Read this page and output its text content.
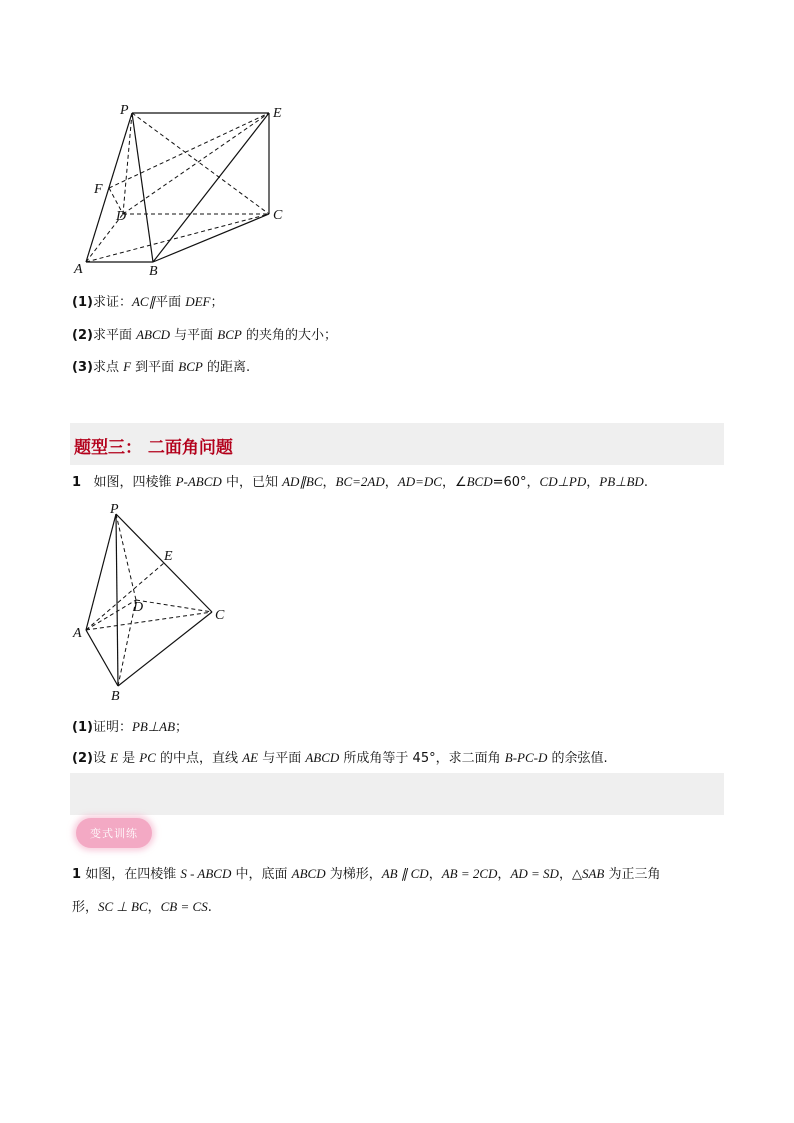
P	E
F
D	C
A	B
(1)求证：AC∥平面 DEF；
(2)求平面 ABCD 与平面 BCP 的夹角的大小；
(3)求点 F 到平面 BCP 的距离.
题型三： 二面角问题
1 如图，四棱锥 P-ABCD 中，已知 AD∥BC，BC=2AD，AD=DC，∠BCD=60°，CD⊥PD，PB⊥BD.
P
E
D
C
A
B
(1)证明：PB⊥AB；
(2)设 E 是 PC 的中点，直线 AE 与平面 ABCD 所成角等于 45°，求二面角 B-PC-D 的余弦值.
变式训练
1 如图，在四棱锥 S - ABCD 中，底面 ABCD 为梯形，AB ∥ CD，AB = 2CD，AD = SD，△SAB 为正三角
形，SC ⊥ BC，CB = CS.
